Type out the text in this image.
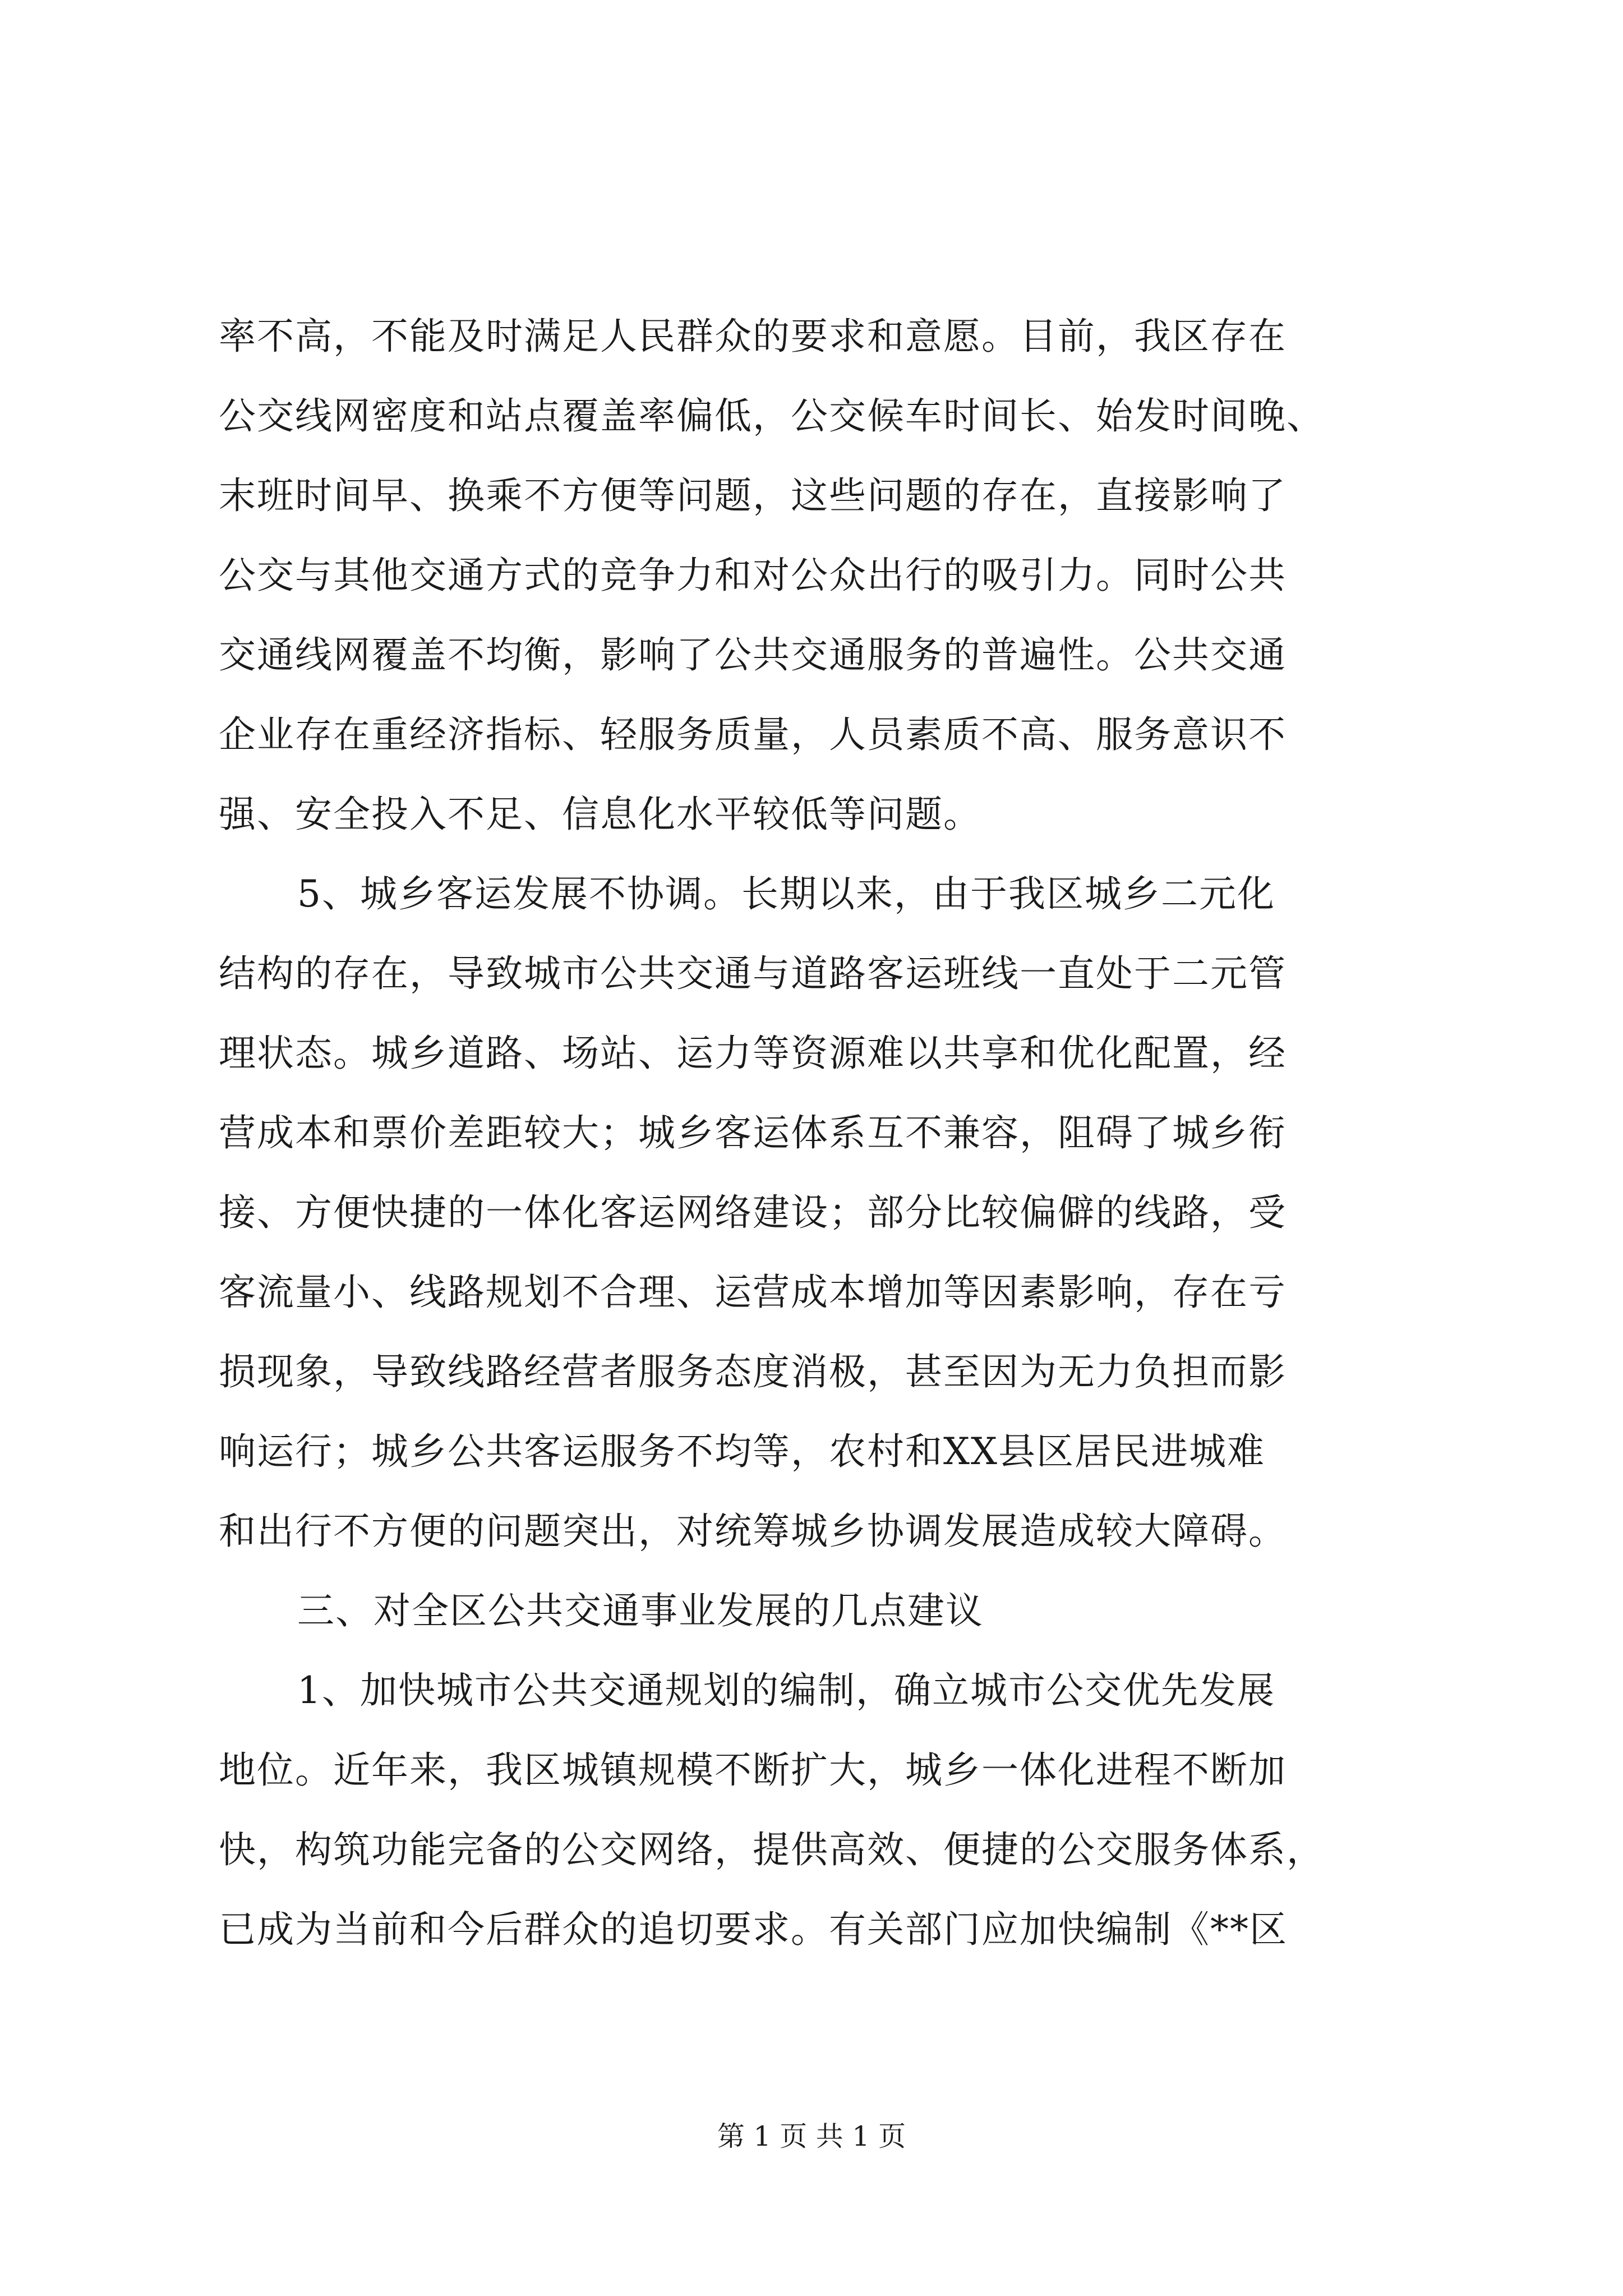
率不高，不能及时满足人民群众的要求和意愿。目前，我区存在
公交线网密度和站点覆盖率偏低，公交候车时间长、始发时间晚、
末班时间早、换乘不方便等问题，这些问题的存在，直接影响了
公交与其他交通方式的竞争力和对公众出行的吸引力。同时公共
交通线网覆盖不均衡，影响了公共交通服务的普遍性。公共交通
企业存在重经济指标、轻服务质量，人员素质不高、服务意识不
强、安全投入不足、信息化水平较低等问题。
5、城乡客运发展不协调。长期以来，由于我区城乡二元化
结构的存在，导致城市公共交通与道路客运班线一直处于二元管
理状态。城乡道路、场站、运力等资源难以共享和优化配置，经
营成本和票价差距较大；城乡客运体系互不兼容，阻碍了城乡衔
接、方便快捷的一体化客运网络建设；部分比较偏僻的线路，受
客流量小、线路规划不合理、运营成本增加等因素影响，存在亏
损现象，导致线路经营者服务态度消极，甚至因为无力负担而影
响运行；城乡公共客运服务不均等，农村和XX县区居民进城难
和出行不方便的问题突出，对统筹城乡协调发展造成较大障碍。
三、对全区公共交通事业发展的几点建议
1、加快城市公共交通规划的编制，确立城市公交优先发展
地位。近年来，我区城镇规模不断扩大，城乡一体化进程不断加
快，构筑功能完备的公交网络，提供高效、便捷的公交服务体系，
已成为当前和今后群众的追切要求。有关部门应加快编制《**区
第 1 页 共 1 页
